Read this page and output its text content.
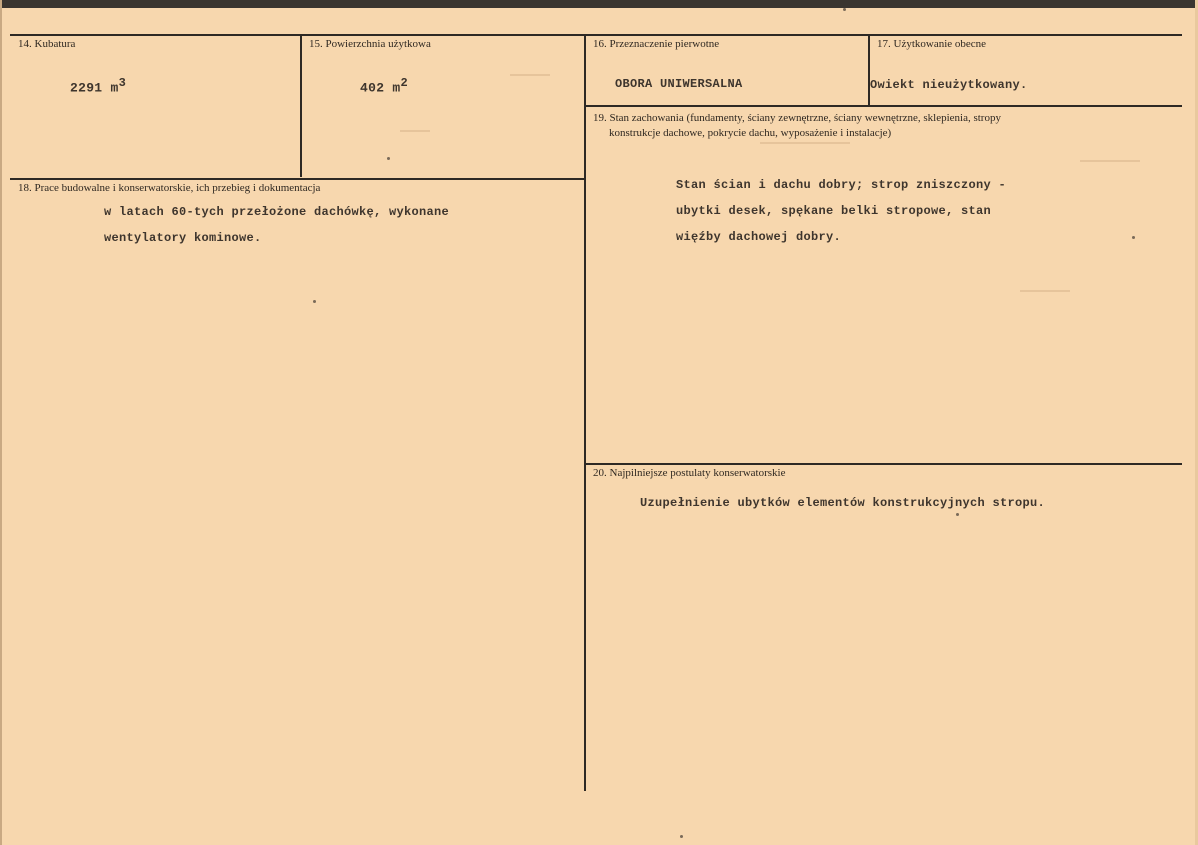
14. Kubatura
2291 $m^3$
15. Powierzchnia użytkowa
402 $m^2$
16. Przeznaczenie pierwotne
OBORA UNIWERSALNA
17. Użytkowanie obecne
Owiekt nieużytkowany.
19. Stan zachowania (fundamenty, ściany zewnętrzne, ściany wewnętrzne, sklepienia, stropy
konstrukcje dachowe, pokrycie dachu, wyposażenie i instalacje)
Stan ścian i dachu dobry; strop zniszczony -
ubytki desek, spękane belki stropowe, stan
więźby dachowej dobry.
18. Prace budowalne i konserwatorskie, ich przebieg i dokumentacja
w latach 60-tych przełożone dachówkę, wykonane
wentylatory kominowe.
20. Najpilniejsze postulaty konserwatorskie
Uzupełnienie ubytków elementów konstrukcyjnych stropu.
